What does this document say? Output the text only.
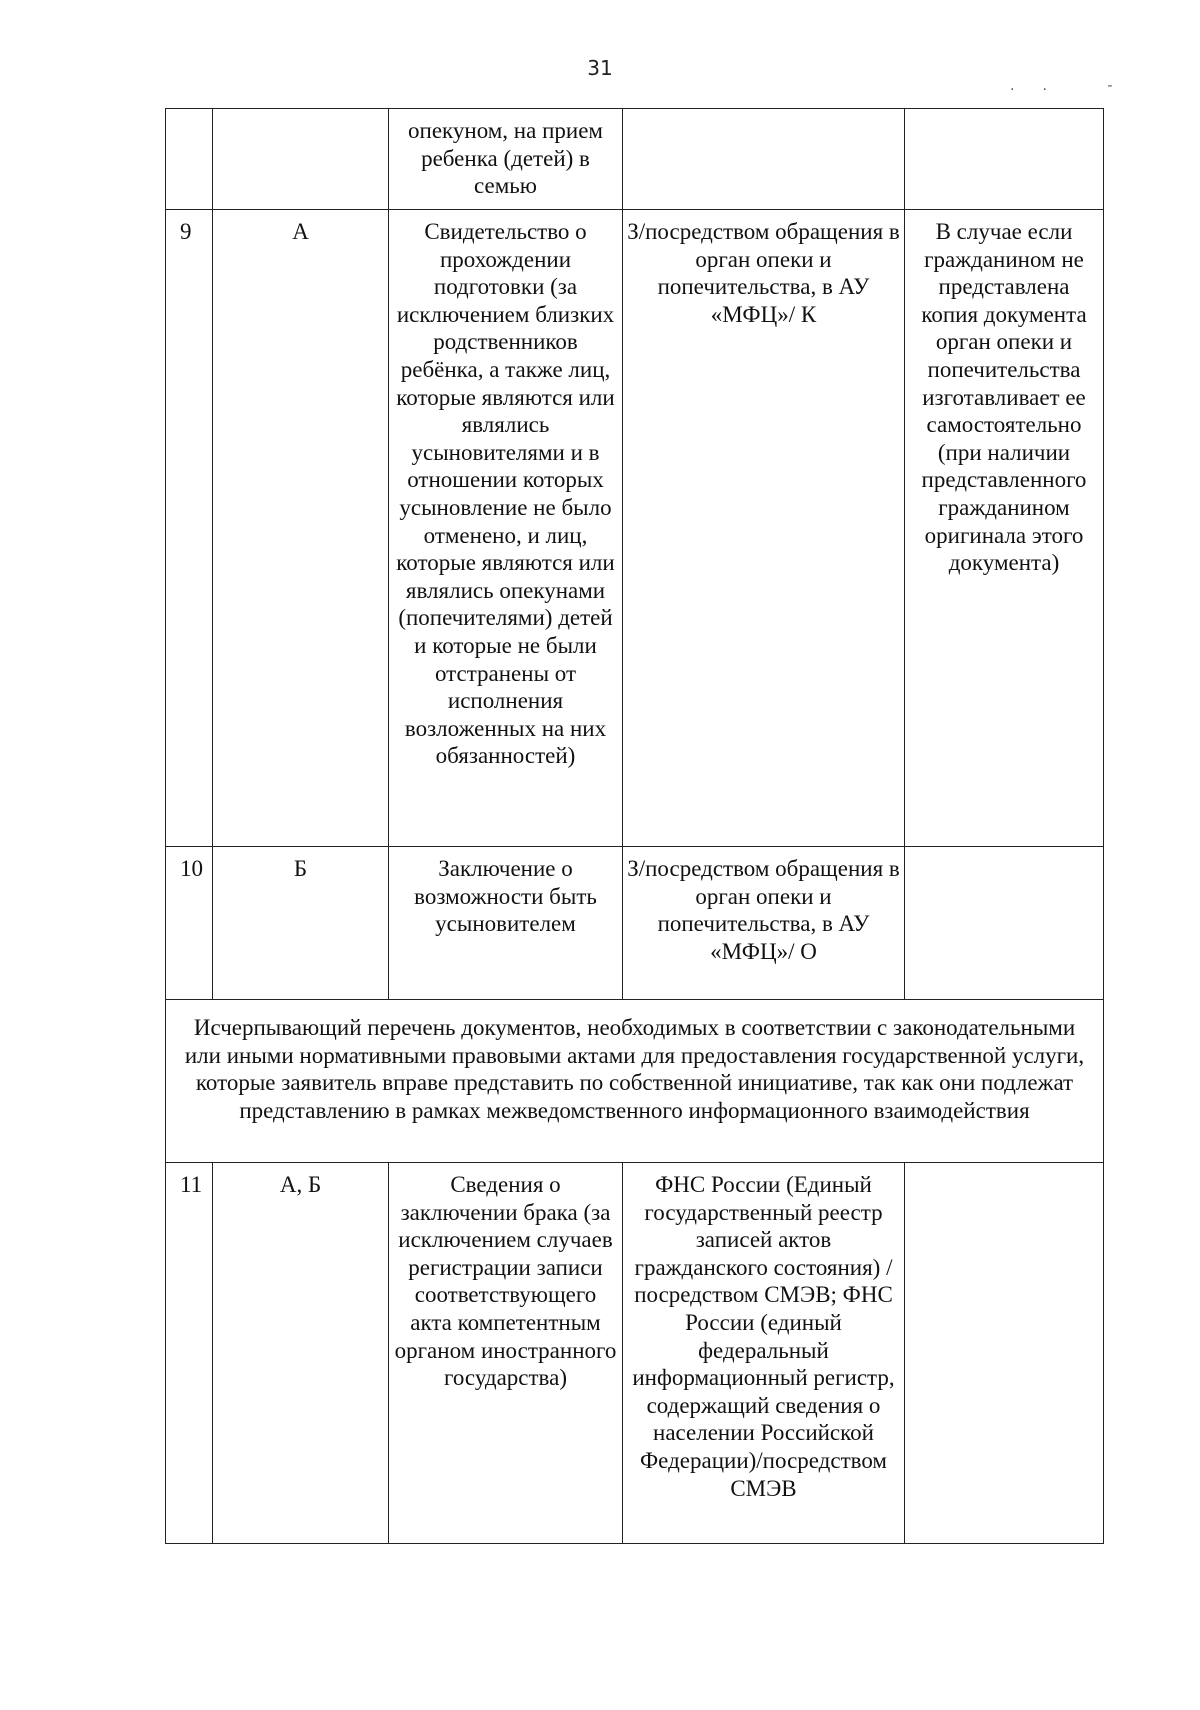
31
.. -
		опекуном, на прием ребенка (детей) в семью		
9	А	Свидетельство о прохождении подготовки (за исключением близких родственников ребёнка, а также лиц, которые являются или являлись усыновителями и в отношении которых усыновление не было отменено, и лиц, которые являются или являлись опекунами (попечителями) детей и которые не были отстранены от исполнения возложенных на них обязанностей)	З/посредством обращения в орган опеки и попечительства, в АУ «МФЦ»/ К	В случае если гражданином не представлена копия документа орган опеки и попечительства изготавливает ее самостоятельно (при наличии представленного гражданином оригинала этого документа)
10	Б	Заключение о возможности быть усыновителем	З/посредством обращения в орган опеки и попечительства, в АУ «МФЦ»/ О	
Исчерпывающий перечень документов, необходимых в соответствии с законодательными или иными нормативными правовыми актами для предоставления государственной услуги, которые заявитель вправе представить по собственной инициативе, так как они подлежат представлению в рамках межведомственного информационного взаимодействия				
11	А, Б	Сведения о заключении брака (за исключением случаев регистрации записи соответствующего акта компетентным органом иностранного государства)	ФНС России (Единый государственный реестр записей актов гражданского состояния) /посредством СМЭВ; ФНС России (единый федеральный информационный регистр, содержащий сведения о населении Российской Федерации)/посредством СМЭВ	
